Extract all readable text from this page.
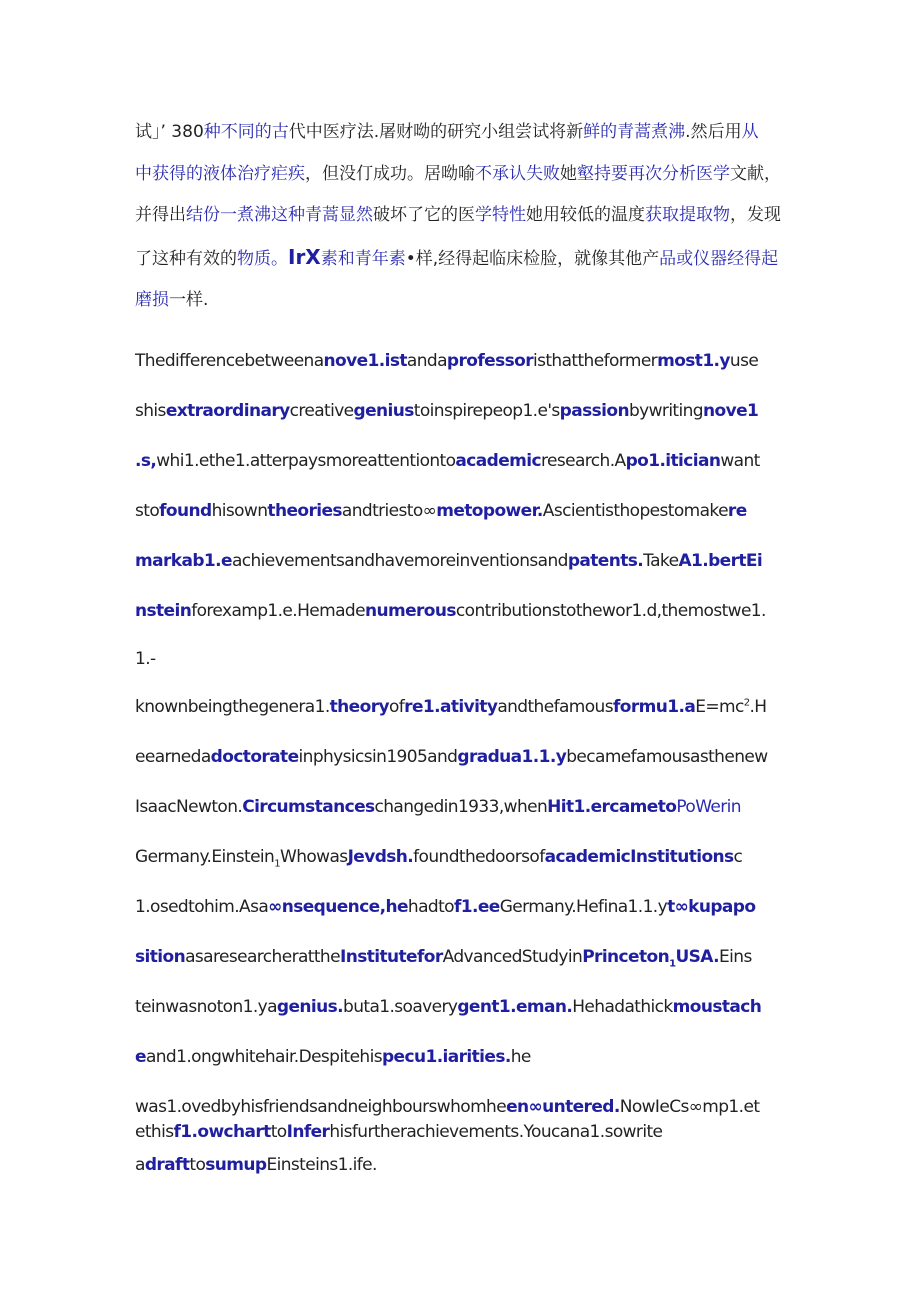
试」’ 380种不同的古代中医疗法.屠财呦的研究小组尝试将新鲜的青蒿煮沸.然后用从
中获得的液体治疗疟疾，但没仃成功。居呦喻不承认失败她壑持要再次分析医学文献，
并得出结份一煮沸这种青蒿显然破坏了它的医学特性她用较低的温度获取提取物，发现
了这种有效的物质。IrX素和青年素•样,经得起临床检脸，就像其他产品或仪器经得起
磨损一样.
Thedifferencebetweenanove1.istandaprofessoristhattheformermost1.yuse
shisextraordinarycreativegeniustoinspirepeop1.e'spassionbywritingnove1
.s,whi1.ethe1.atterpaysmoreattentiontoacademicresearch.Apo1.iticianwant
stofoundhisowntheoriesandtriesto∞metopower.Ascientisthopestomakere
markab1.eachievementsandhavemoreinventionsandpatents.TakeA1.bertEi
nsteinforexamp1.e.Hemadenumerouscontributionstothewor1.d,themostwe1.
1.-
$knownbeingthegenera1.theoryofre1.ativityandthefamousformu1.aE=mc^2.H$
eearnedadoctorateinphysicsin1905andgradua1.1.ybecamefamousasthenew
IsaacNewton.Circumstanceschangedin1933,whenHit1.ercametoPoWerin
Germany.Einstein$_1$WhowasJevdsh.foundthedoorsofacademicInstitutionsc
1.osedtohim.Asa∞nsequence,hehadtof1.eeGermany.Hefina1.1.yt∞kupapo
sitionasaresearcherattheInstituteforAdvancedStudyinPrinceton$_1$USA.Eins
teinwasnoton1.yagenius.buta1.soaverygent1.eman.Hehadathickmoustach
eand1.ongwhitehair.Despitehispecu1.iarities.he
was1.ovedbyhisfriendsandneighbourswhomheen∞untered.NowIeCs∞mp1.et
ethisf1.owcharttoInferhisfurtherachievements.Youcana1.sowrite
adrafttosumupEinsteins1.ife.
